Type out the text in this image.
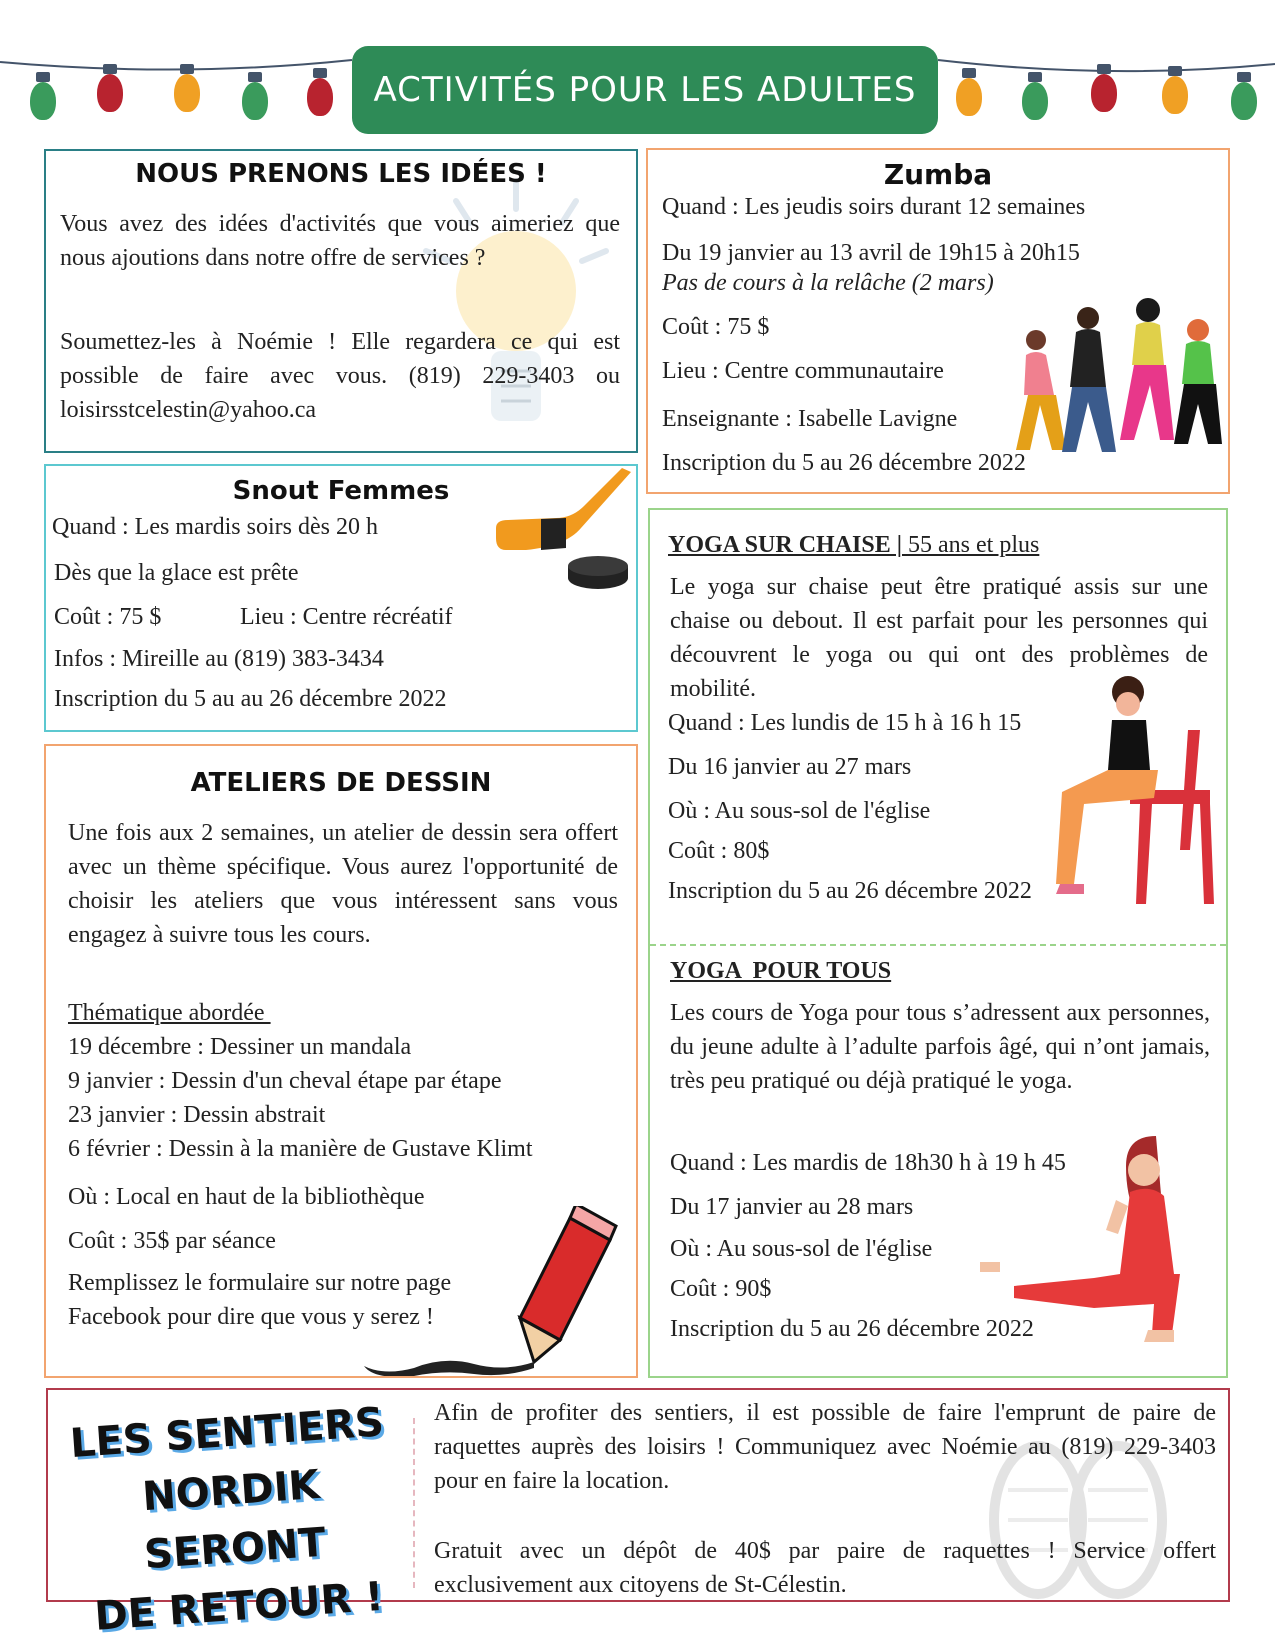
ACTIVITÉS POUR LES ADULTES
NOUS PRENONS LES IDÉES !

Vous avez des idées d'activités que vous aimeriez que nous ajoutions dans notre offre de services ?

Soumettez-les à Noémie ! Elle regardera ce qui est possible de faire avec vous. (819) 229-3403 ou loisirsstcelestin@yahoo.ca

Zumba
Quand : Les jeudis soirs durant 12 semaines
Du 19 janvier au 13 avril de 19h15 à 20h15
Pas de cours à la relâche (2 mars)
Coût : 75 $
Lieu : Centre communautaire
Enseignante : Isabelle Lavigne
Inscription du 5 au 26 décembre 2022
Snout Femmes
Quand : Les mardis soirs dès 20 h
Dès que la glace est prête
Coût : 75 $	Lieu : Centre récréatif
Infos : Mireille au (819) 383-3434
Inscription du 5 au au 26 décembre 2022
YOGA SUR CHAISE | 55 ans et plus

Le yoga sur chaise peut être pratiqué assis sur une chaise ou debout. Il est parfait pour les personnes qui découvrent le yoga ou qui ont des problèmes de mobilité.

Quand : Les lundis de 15 h à 16 h 15
Du 16 janvier au 27 mars
Où : Au sous-sol de l'église
Coût : 80$
Inscription du 5 au 26 décembre 2022
YOGA  POUR TOUS

Les cours de Yoga pour tous s’adressent aux personnes, du jeune adulte à l’adulte parfois âgé, qui n’ont jamais, très peu pratiqué ou déjà pratiqué le yoga.

Quand : Les mardis de 18h30 h à 19 h 45
Du 17 janvier au 28 mars
Où : Au sous-sol de l'église
Coût : 90$
Inscription du 5 au 26 décembre 2022
ATELIERS DE DESSIN

Une fois aux 2 semaines, un atelier de dessin sera offert avec un thème spécifique. Vous aurez l'opportunité de choisir les ateliers que vous intéressent sans vous engagez à suivre tous les cours.

Thématique abordée
19 décembre : Dessiner un mandala
9 janvier : Dessin d'un cheval étape par étape
23 janvier : Dessin abstrait
6 février : Dessin à la manière de Gustave Klimt
Où : Local en haut de la bibliothèque
Coût : 35$ par séance
Remplissez le formulaire sur notre page
Facebook pour dire que vous y serez !
LES SENTIERS
NORDIK SERONT
DE RETOUR !

Afin de profiter des sentiers, il est possible de faire l'emprunt de paire de raquettes auprès des loisirs ! Communiquez avec Noémie au (819) 229-3403 pour en faire la location.

Gratuit avec un dépôt de 40$ par paire de raquettes ! Service offert exclusivement aux citoyens de St-Célestin.
